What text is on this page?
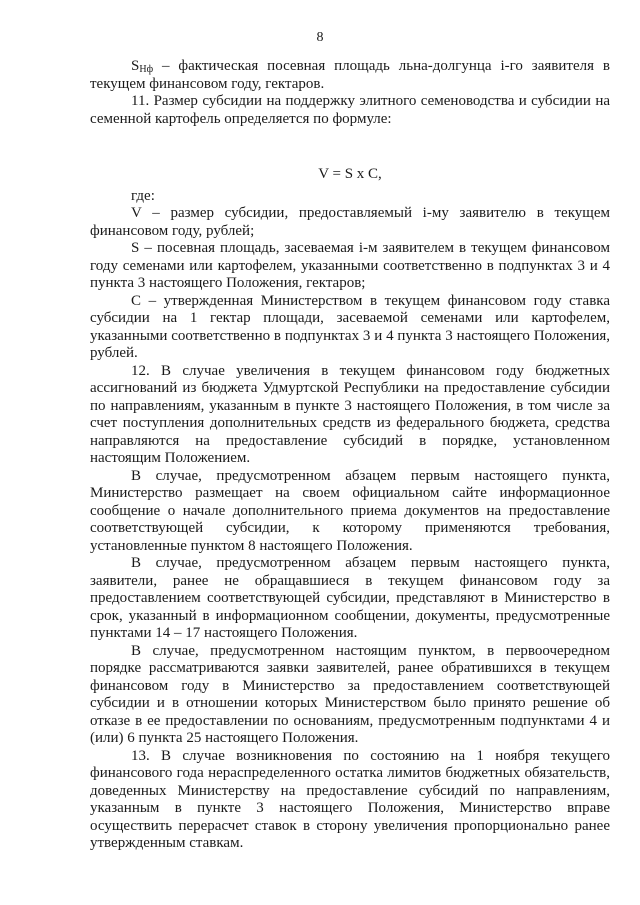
8

$S_{Нф}$ – фактическая посевная площадь льна-долгунца i-го заявителя в текущем финансовом году, гектаров.

11. Размер субсидии на поддержку элитного семеноводства и субсидии на семенной картофель определяется по формуле:

V = S x C,

где:

V – размер субсидии, предоставляемый i-му заявителю в текущем финансовом году, рублей;

S – посевная площадь, засеваемая i-м заявителем в текущем финансовом году семенами или картофелем, указанными соответственно в подпунктах 3 и 4 пункта 3 настоящего Положения, гектаров;

С – утвержденная Министерством в текущем финансовом году ставка субсидии на 1 гектар площади, засеваемой семенами или картофелем, указанными соответственно в подпунктах 3 и 4 пункта 3 настоящего Положения, рублей.

12. В случае увеличения в текущем финансовом году бюджетных ассигнований из бюджета Удмуртской Республики на предоставление субсидии по направлениям, указанным в пункте 3 настоящего Положения, в том числе за счет поступления дополнительных средств из федерального бюджета, средства направляются на предоставление субсидий в порядке, установленном настоящим Положением.

В случае, предусмотренном абзацем первым настоящего пункта, Министерство размещает на своем официальном сайте информационное сообщение о начале дополнительного приема документов на предоставление соответствующей субсидии, к которому применяются требования, установленные пунктом 8 настоящего Положения.

В случае, предусмотренном абзацем первым настоящего пункта, заявители, ранее не обращавшиеся в текущем финансовом году за предоставлением соответствующей субсидии, представляют в Министерство в срок, указанный в информационном сообщении, документы, предусмотренные пунктами 14 – 17 настоящего Положения.

В случае, предусмотренном настоящим пунктом, в первоочередном порядке рассматриваются заявки заявителей, ранее обратившихся в текущем финансовом году в Министерство за предоставлением соответствующей субсидии и в отношении которых Министерством было принято решение об отказе в ее предоставлении по основаниям, предусмотренным подпунктами 4 и (или) 6 пункта 25 настоящего Положения.

13. В случае возникновения по состоянию на 1 ноября текущего финансового года нераспределенного остатка лимитов бюджетных обязательств, доведенных Министерству на предоставление субсидий по направлениям, указанным в пункте 3 настоящего Положения, Министерство вправе осуществить перерасчет ставок в сторону увеличения пропорционально ранее утвержденным ставкам.
